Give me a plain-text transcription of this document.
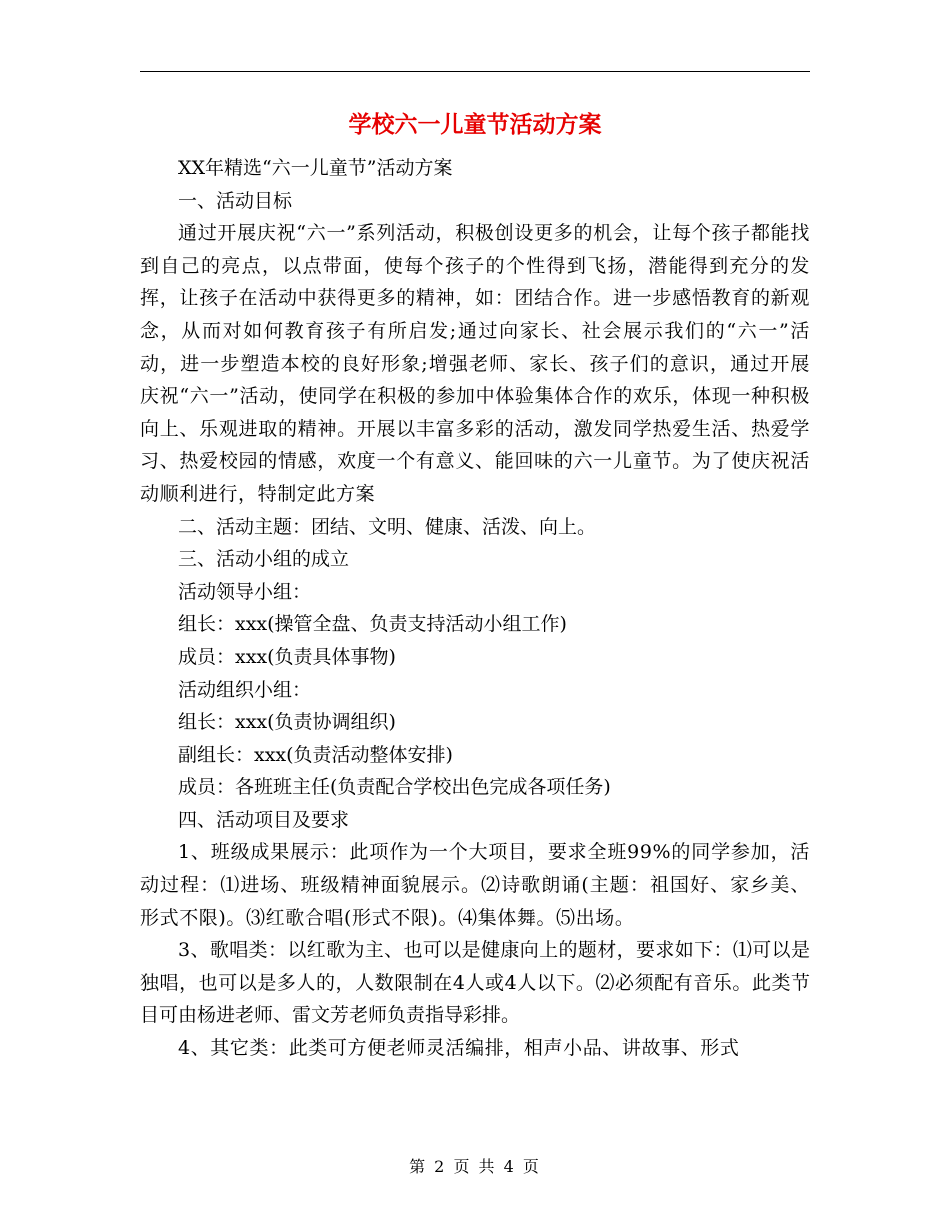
学校六一儿童节活动方案

XX年精选“六一儿童节”活动方案

一、活动目标

通过开展庆祝“六一”系列活动，积极创设更多的机会，让每个孩子都能找到自己的亮点，以点带面，使每个孩子的个性得到飞扬，潜能得到充分的发挥，让孩子在活动中获得更多的精神，如：团结合作。进一步感悟教育的新观念，从而对如何教育孩子有所启发;通过向家长、社会展示我们的“六一”活动，进一步塑造本校的良好形象;增强老师、家长、孩子们的意识，通过开展庆祝“六一”活动，使同学在积极的参加中体验集体合作的欢乐，体现一种积极向上、乐观进取的精神。开展以丰富多彩的活动，激发同学热爱生活、热爱学习、热爱校园的情感，欢度一个有意义、能回味的六一儿童节。为了使庆祝活动顺利进行，特制定此方案

二、活动主题：团结、文明、健康、活泼、向上。

三、活动小组的成立

活动领导小组：

组长：xxx(操管全盘、负责支持活动小组工作)

成员：xxx(负责具体事物)

活动组织小组：

组长：xxx(负责协调组织)

副组长：xxx(负责活动整体安排)

成员：各班班主任(负责配合学校出色完成各项任务)

四、活动项目及要求

1、班级成果展示：此项作为一个大项目，要求全班99%的同学参加，活动过程：⑴进场、班级精神面貌展示。⑵诗歌朗诵(主题：祖国好、家乡美、形式不限)。⑶红歌合唱(形式不限)。⑷集体舞。⑸出场。

3、歌唱类：以红歌为主、也可以是健康向上的题材，要求如下：⑴可以是独唱，也可以是多人的，人数限制在4人或4人以下。⑵必须配有音乐。此类节目可由杨进老师、雷文芳老师负责指导彩排。

4、其它类：此类可方便老师灵活编排，相声小品、讲故事、形式

第 2 页 共 4 页
